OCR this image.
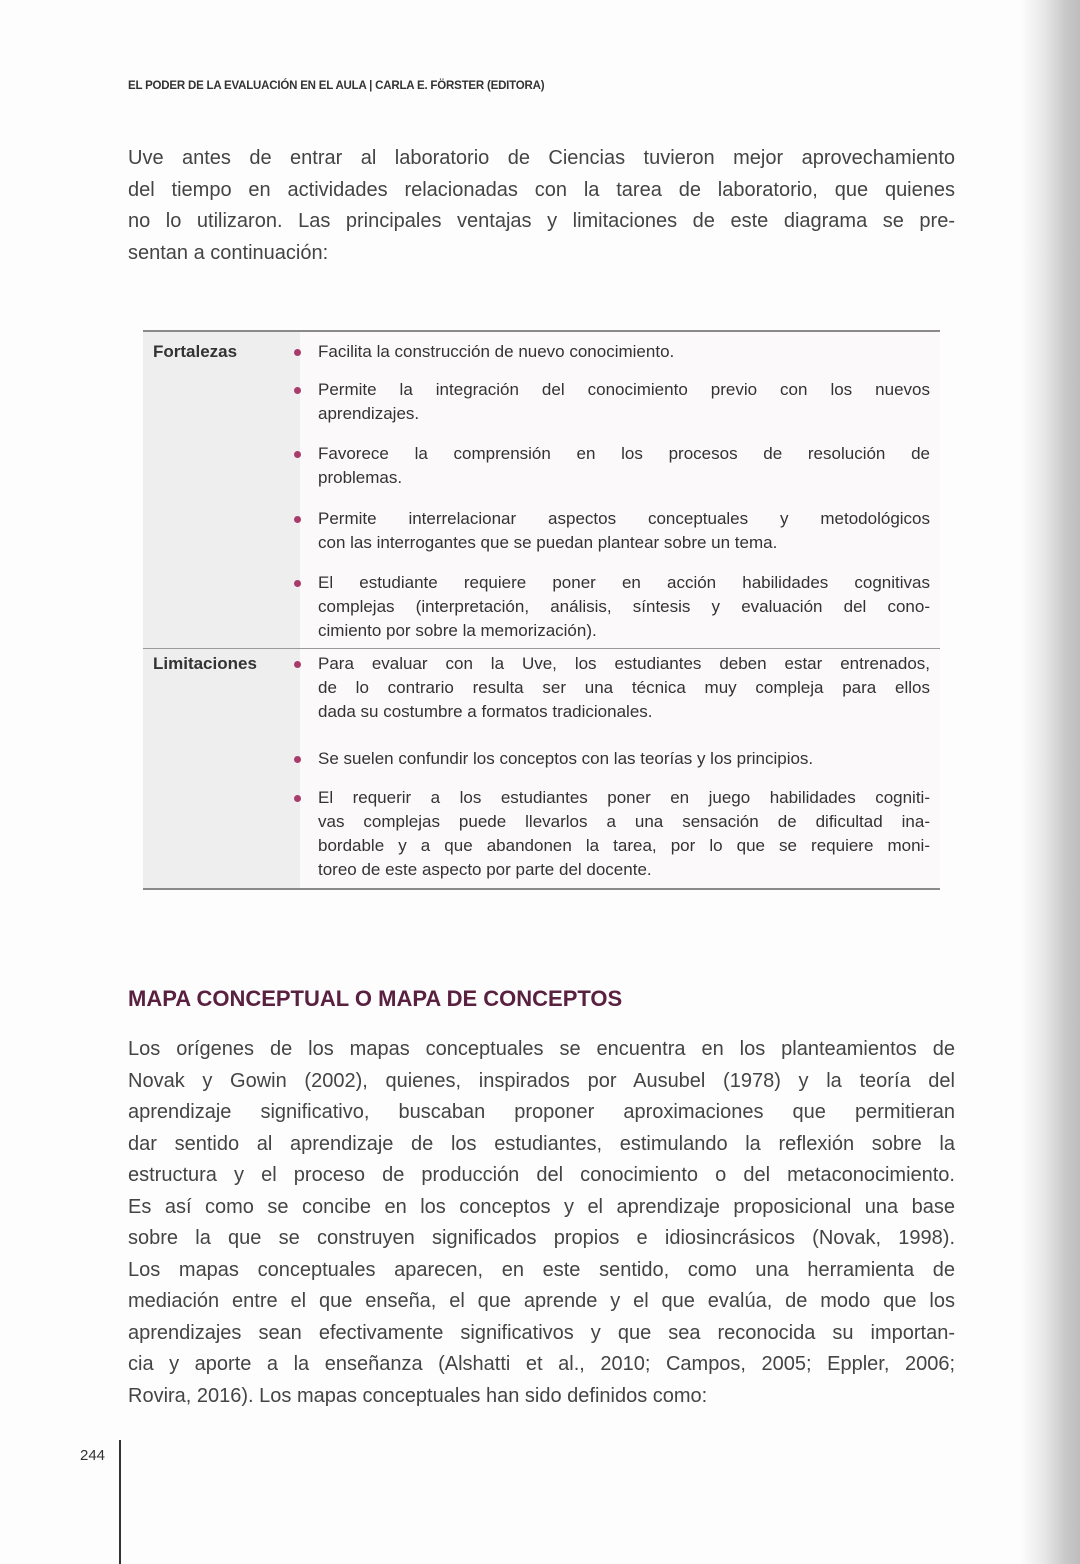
EL PODER DE LA EVALUACIÓN EN EL AULA | CARLA E. FÖRSTER (EDITORA)
Uve antes de entrar al laboratorio de Ciencias tuvieron mejor aprovechamiento
del tiempo en actividades relacionadas con la tarea de laboratorio, que quienes
no lo utilizaron. Las principales ventajas y limitaciones de este diagrama se pre-
sentan a continuación:
Fortalezas	Facilita la construcción de nuevo conocimiento.
Permite la integración del conocimiento previo con los nuevos
aprendizajes.
Favorece la comprensión en los procesos de resolución de
problemas.
Permite interrelacionar aspectos conceptuales y metodológicos
con las interrogantes que se puedan plantear sobre un tema.
El estudiante requiere poner en acción habilidades cognitivas
complejas (interpretación, análisis, síntesis y evaluación del cono-
cimiento por sobre la memorización).
Limitaciones	Para evaluar con la Uve, los estudiantes deben estar entrenados,
de lo contrario resulta ser una técnica muy compleja para ellos
dada su costumbre a formatos tradicionales.
Se suelen confundir los conceptos con las teorías y los principios.
El requerir a los estudiantes poner en juego habilidades cogniti-
vas complejas puede llevarlos a una sensación de dificultad ina-
bordable y a que abandonen la tarea, por lo que se requiere moni-
toreo de este aspecto por parte del docente.
MAPA CONCEPTUAL O MAPA DE CONCEPTOS
Los orígenes de los mapas conceptuales se encuentra en los planteamientos de
Novak y Gowin (2002), quienes, inspirados por Ausubel (1978) y la teoría del
aprendizaje significativo, buscaban proponer aproximaciones que permitieran
dar sentido al aprendizaje de los estudiantes, estimulando la reflexión sobre la
estructura y el proceso de producción del conocimiento o del metaconocimiento.
Es así como se concibe en los conceptos y el aprendizaje proposicional una base
sobre la que se construyen significados propios e idiosincrásicos (Novak, 1998).
Los mapas conceptuales aparecen, en este sentido, como una herramienta de
mediación entre el que enseña, el que aprende y el que evalúa, de modo que los
aprendizajes sean efectivamente significativos y que sea reconocida su importan-
cia y aporte a la enseñanza (Alshatti et al., 2010; Campos, 2005; Eppler, 2006;
Rovira, 2016). Los mapas conceptuales han sido definidos como:
244
